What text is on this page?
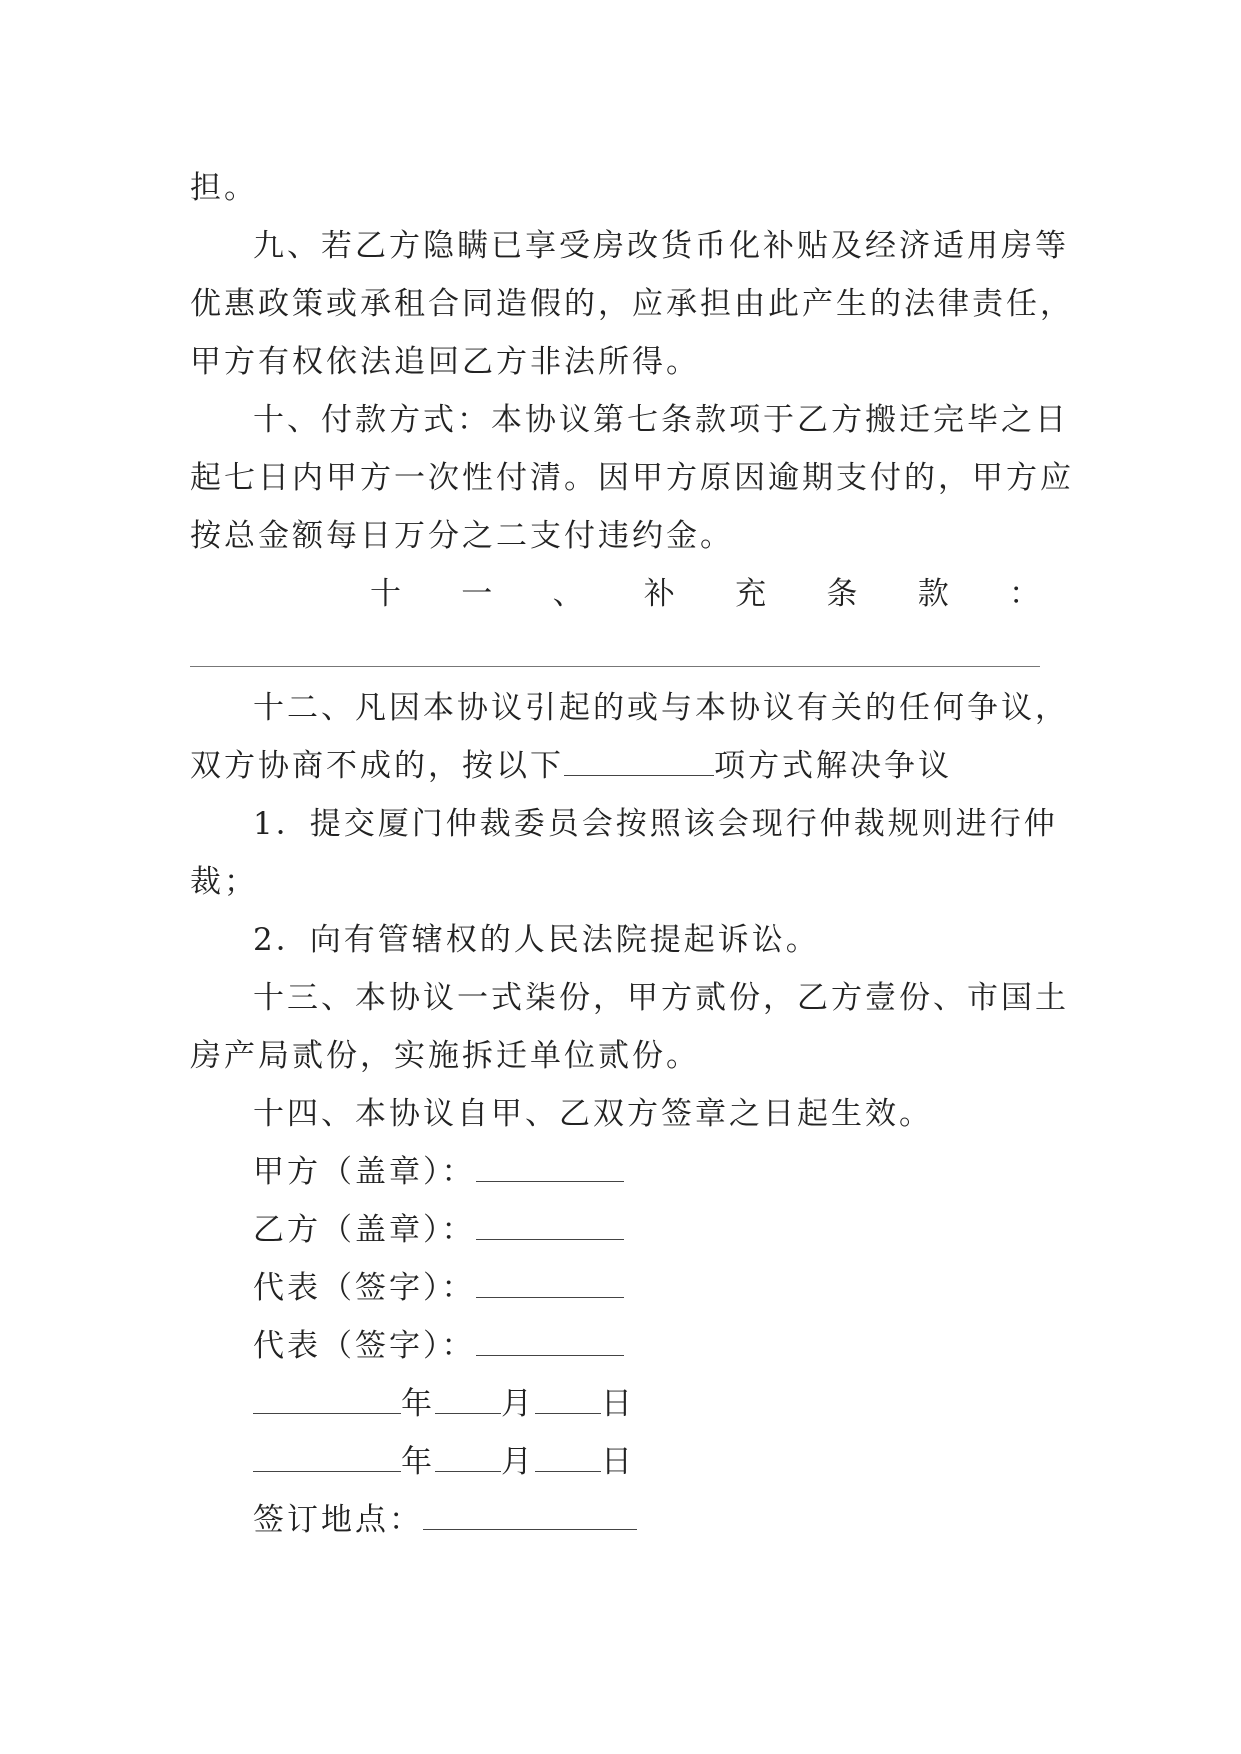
担。
九、若乙方隐瞒已享受房改货币化补贴及经济适用房等
优惠政策或承租合同造假的，应承担由此产生的法律责任，
甲方有权依法追回乙方非法所得。
十、付款方式：本协议第七条款项于乙方搬迁完毕之日
起七日内甲方一次性付清。因甲方原因逾期支付的，甲方应
按总金额每日万分之二支付违约金。
十 一 、 补 充 条 款 ：
十二、凡因本协议引起的或与本协议有关的任何争议，
双方协商不成的，按以下	项方式解决争议
1．提交厦门仲裁委员会按照该会现行仲裁规则进行仲
裁；
2．向有管辖权的人民法院提起诉讼。
十三、本协议一式柒份，甲方贰份，乙方壹份、市国土
房产局贰份，实施拆迁单位贰份。
十四、本协议自甲、乙双方签章之日起生效。
甲方（盖章）：
乙方（盖章）：
代表（签字）：
代表（签字）：
年 月 日
年 月 日
签订地点：
